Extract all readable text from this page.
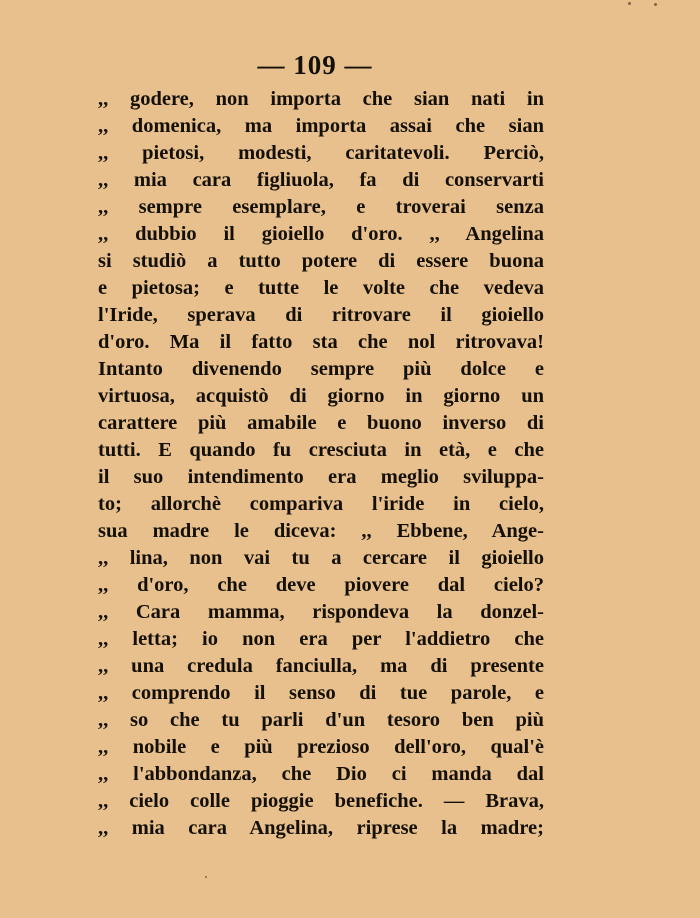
— 109 —
,, godere, non importa che sian nati in
,, domenica, ma importa assai che sian
,, pietosi, modesti, caritatevoli. Perciò,
,, mia cara figliuola, fa di conservarti
,, sempre esemplare, e troverai senza
,, dubbio il gioiello d'oro. ,, Angelina
si studiò a tutto potere di essere buona
e pietosa; e tutte le volte che vedeva
l'Iride, sperava di ritrovare il gioiello
d'oro. Ma il fatto sta che nol ritrovava!
Intanto divenendo sempre più dolce e
virtuosa, acquistò di giorno in giorno un
carattere più amabile e buono inverso di
tutti. E quando fu cresciuta in età, e che
il suo intendimento era meglio sviluppa-
to; allorchè compariva l'iride in cielo,
sua madre le diceva: ,, Ebbene, Ange-
,, lina, non vai tu a cercare il gioiello
,, d'oro, che deve piovere dal cielo?
,, Cara mamma, rispondeva la donzel-
,, letta; io non era per l'addietro che
,, una credula fanciulla, ma di presente
,, comprendo il senso di tue parole, e
,, so che tu parli d'un tesoro ben più
,, nobile e più prezioso dell'oro, qual'è
,, l'abbondanza, che Dio ci manda dal
,, cielo colle pioggie benefiche. — Brava,
,, mia cara Angelina, riprese la madre;
